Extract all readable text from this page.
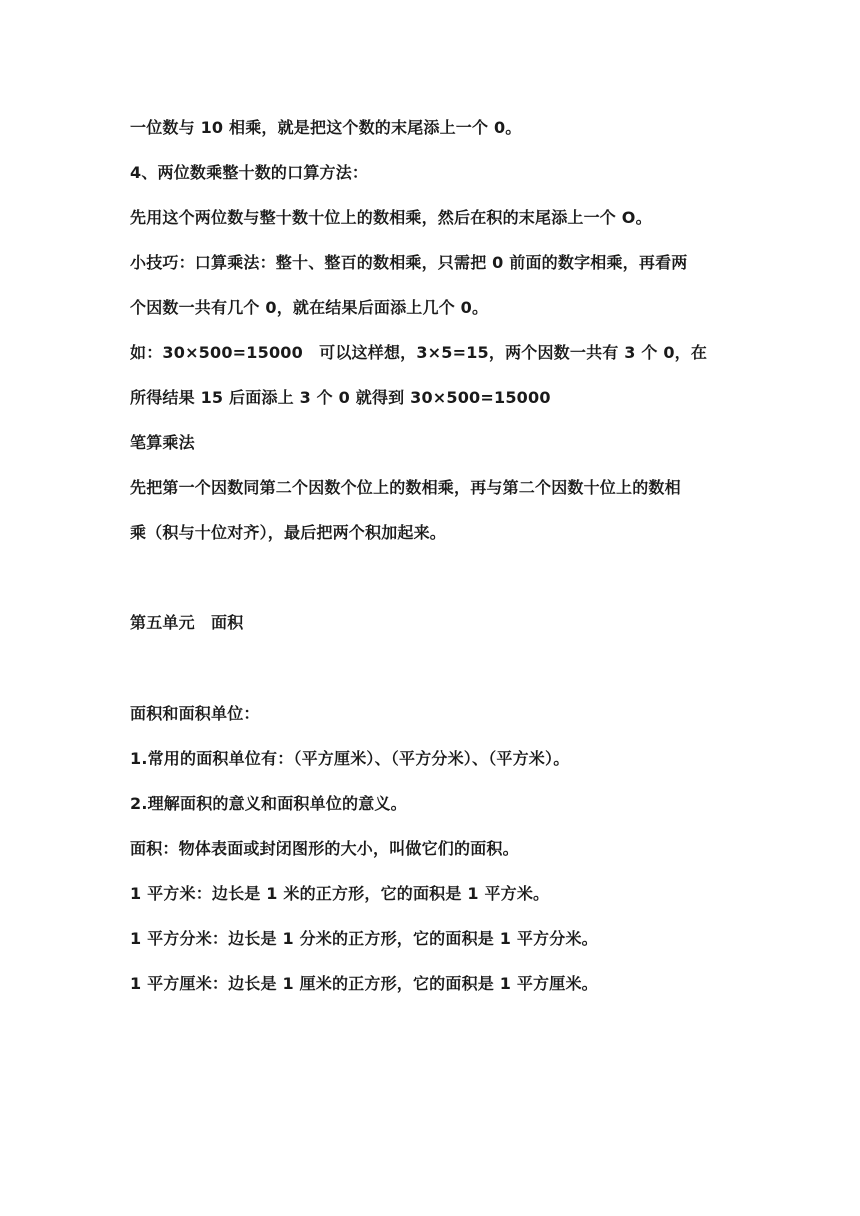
一位数与 10 相乘，就是把这个数的末尾添上一个 0。
4、两位数乘整十数的口算方法：
先用这个两位数与整十数十位上的数相乘，然后在积的末尾添上一个 O。
小技巧：口算乘法：整十、整百的数相乘，只需把 0 前面的数字相乘，再看两
个因数一共有几个 0，就在结果后面添上几个 0。
如：30×500=15000　可以这样想，3×5=15，两个因数一共有 3 个 0，在
所得结果 15 后面添上 3 个 0 就得到 30×500=15000
笔算乘法
先把第一个因数同第二个因数个位上的数相乘，再与第二个因数十位上的数相
乘（积与十位对齐），最后把两个积加起来。
第五单元　面积
面积和面积单位：
1.常用的面积单位有：（平方厘米）、（平方分米）、（平方米）。
2.理解面积的意义和面积单位的意义。
面积：物体表面或封闭图形的大小，叫做它们的面积。
1 平方米：边长是 1 米的正方形，它的面积是 1 平方米。
1 平方分米：边长是 1 分米的正方形，它的面积是 1 平方分米。
1 平方厘米：边长是 1 厘米的正方形，它的面积是 1 平方厘米。
